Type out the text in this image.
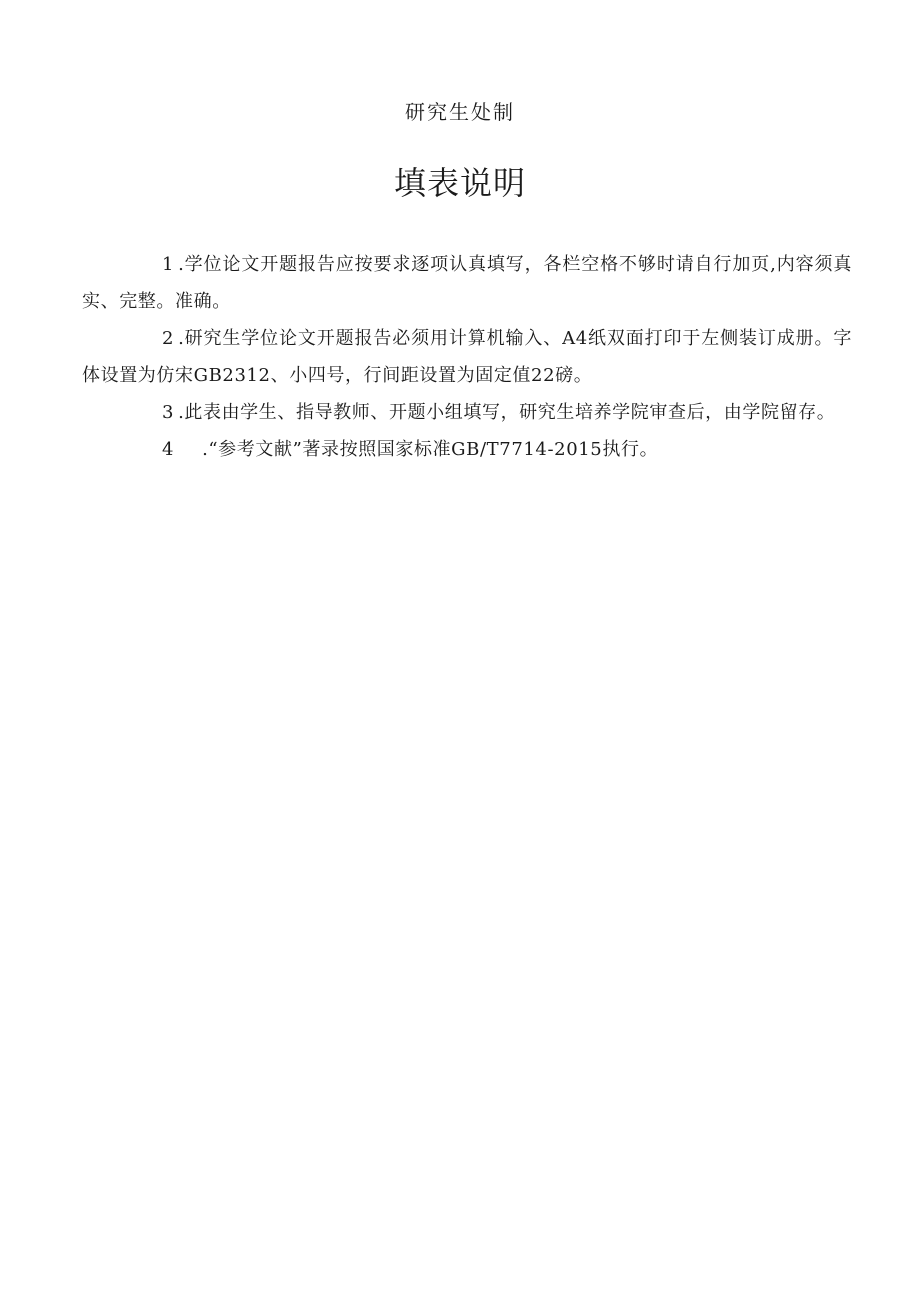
研究生处制
填表说明

1 .学位论文开题报告应按要求逐项认真填写，各栏空格不够时请自行加页,内容须真实、完整。准确。

2 .研究生学位论文开题报告必须用计算机输入、A4纸双面打印于左侧装订成册。字体设置为仿宋GB2312、小四号，行间距设置为固定值22磅。

3 .此表由学生、指导教师、开题小组填写，研究生培养学院审查后，由学院留存。

4 .“参考文献”著录按照国家标准GB/T7714-2015执行。
